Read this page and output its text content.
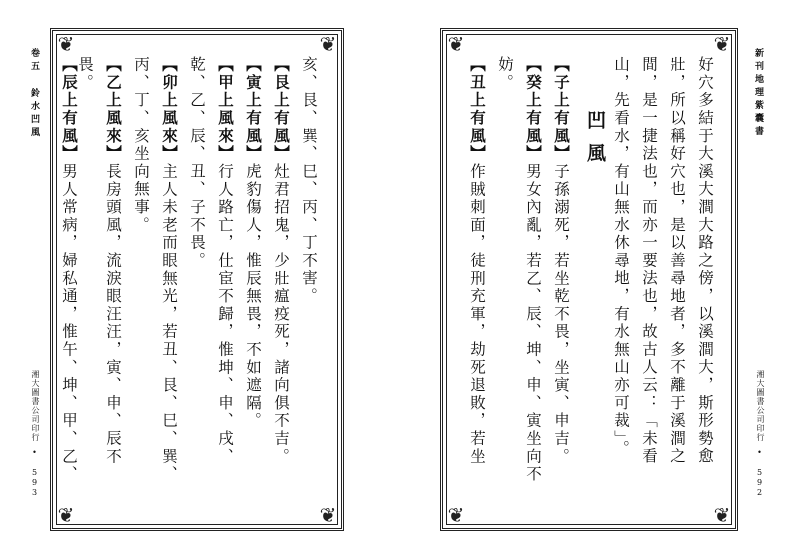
卷五 鈴水凹風
湘大圖書公司印行
• 593
❦	❦
❦	❦
亥、艮、巽、巳、丙、丁不害。
【艮上有風】灶君招鬼，少壯瘟疫死，諸向俱不吉。
【寅上有風】虎豹傷人，惟辰無畏，不如遮隔。
【甲上風來】行人路亡，仕宦不歸，惟坤、申、戌、
乾、乙、辰、丑、子不畏。
【卯上風來】主人未老而眼無光，若丑、艮、巳、巽、
丙、丁、亥坐向無事。
【乙上風來】長房頭風，流淚眼汪汪，寅、申、辰不
畏。
【辰上有風】男人常病，婦私通，惟午、坤、甲、乙、
❦	❦
❦	❦
好穴多結于大溪大澗大路之傍，以溪澗大，斯形勢愈
壯，所以稱好穴也，是以善尋地者，多不離于溪澗之
間，是一捷法也，而亦一要法也，故古人云：「未看
山，先看水，有山無水休尋地，有水無山亦可裁」。
凹風
【子上有風】子孫溺死，若坐乾不畏，坐寅、申吉。
【癸上有風】男女內亂，若乙、辰、坤、申、寅坐向不
妨。
【丑上有風】作賊刺面，徒刑充軍，劫死退敗，若坐
新刊地理紫囊書
湘大圖書公司印行
• 592
